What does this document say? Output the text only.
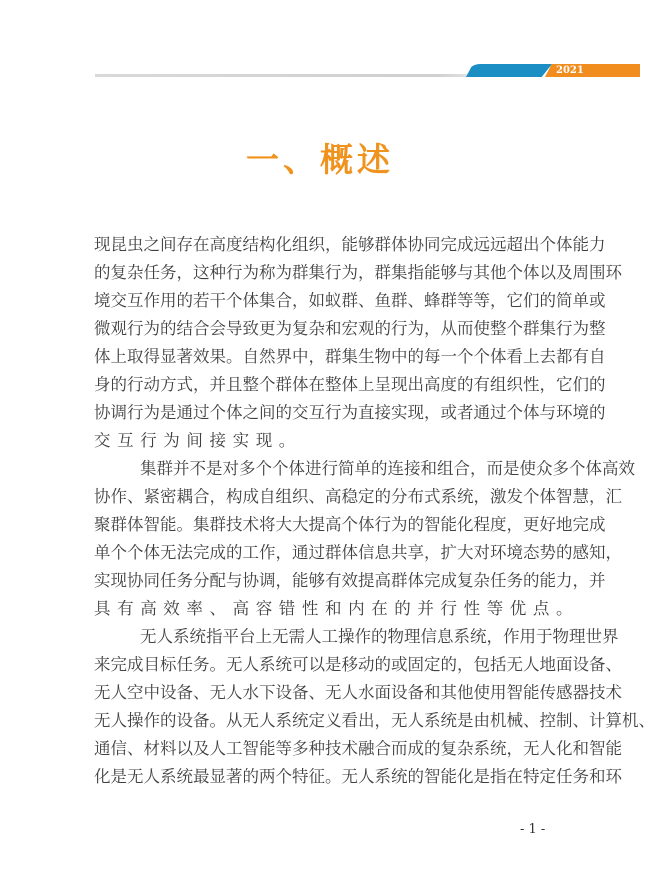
2021
一、概述
现昆虫之间存在高度结构化组织，能够群体协同完成远远超出个体能力
的复杂任务，这种行为称为群集行为，群集指能够与其他个体以及周围环
境交互作用的若干个体集合，如蚁群、鱼群、蜂群等等，它们的简单或
微观行为的结合会导致更为复杂和宏观的行为，从而使整个群集行为整
体上取得显著效果。自然界中，群集生物中的每一个个体看上去都有自
身的行动方式，并且整个群体在整体上呈现出高度的有组织性，它们的
协调行为是通过个体之间的交互行为直接实现，或者通过个体与环境的
交互行为间接实现。
集群并不是对多个个体进行简单的连接和组合，而是使众多个体高效
协作、紧密耦合，构成自组织、高稳定的分布式系统，激发个体智慧，汇
聚群体智能。集群技术将大大提高个体行为的智能化程度，更好地完成
单个个体无法完成的工作，通过群体信息共享，扩大对环境态势的感知，
实现协同任务分配与协调，能够有效提高群体完成复杂任务的能力，并
具有高效率、高容错性和内在的并行性等优点。
无人系统指平台上无需人工操作的物理信息系统，作用于物理世界
来完成目标任务。无人系统可以是移动的或固定的，包括无人地面设备、
无人空中设备、无人水下设备、无人水面设备和其他使用智能传感器技术
无人操作的设备。从无人系统定义看出，无人系统是由机械、控制、计算机、
通信、材料以及人工智能等多种技术融合而成的复杂系统，无人化和智能
化是无人系统最显著的两个特征。无人系统的智能化是指在特定任务和环
- 1 -
